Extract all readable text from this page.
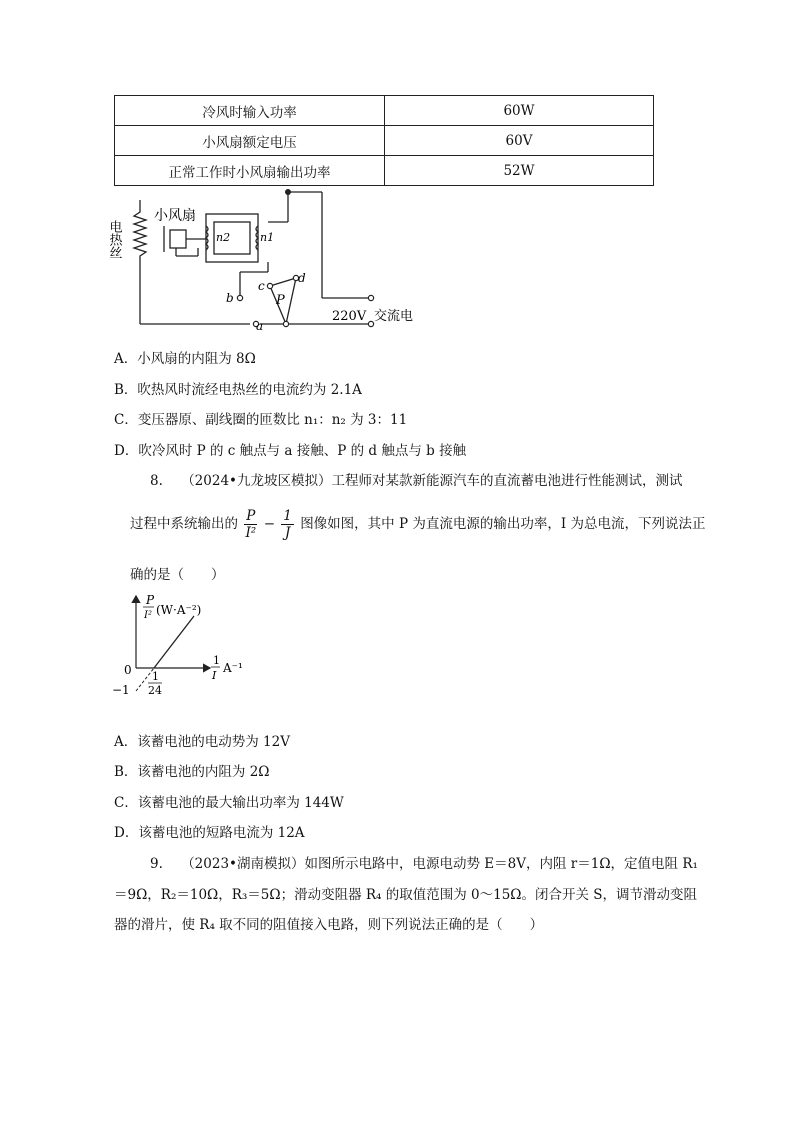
冷风时输入功率	60W
小风扇额定电压	60V
正常工作时小风扇输出功率	52W
电热丝
小风扇
n2	n1
P
c
d
b
a
220V 交流电
A．小风扇的内阻为 8Ω
B．吹热风时流经电热丝的电流约为 2.1A
C．变压器原、副线圈的匝数比 n₁：n₂ 为 3：11
D．吹冷风时 P 的 c 触点与 a 接触、P 的 d 触点与 b 接触
8. （2024•九龙坡区模拟）工程师对某款新能源汽车的直流蓄电池进行性能测试，测试
过程中系统输出的 $\frac{P}{\text{I²}} - \frac{1}{J}$ 图像如图，其中 P 为直流电源的输出功率，I 为总电流，下列说法正
确的是（　　）
P
I² (W·A⁻²)
0
−1
1
24
1
I
A⁻¹
A．该蓄电池的电动势为 12V
B．该蓄电池的内阻为 2Ω
C．该蓄电池的最大输出功率为 144W
D．该蓄电池的短路电流为 12A
9. （2023•湖南模拟）如图所示电路中，电源电动势 E＝8V，内阻 r＝1Ω，定值电阻 R₁
＝9Ω，R₂＝10Ω，R₃＝5Ω；滑动变阻器 R₄ 的取值范围为 0～15Ω。闭合开关 S，调节滑动变阻
器的滑片，使 R₄ 取不同的阻值接入电路，则下列说法正确的是（　　）
